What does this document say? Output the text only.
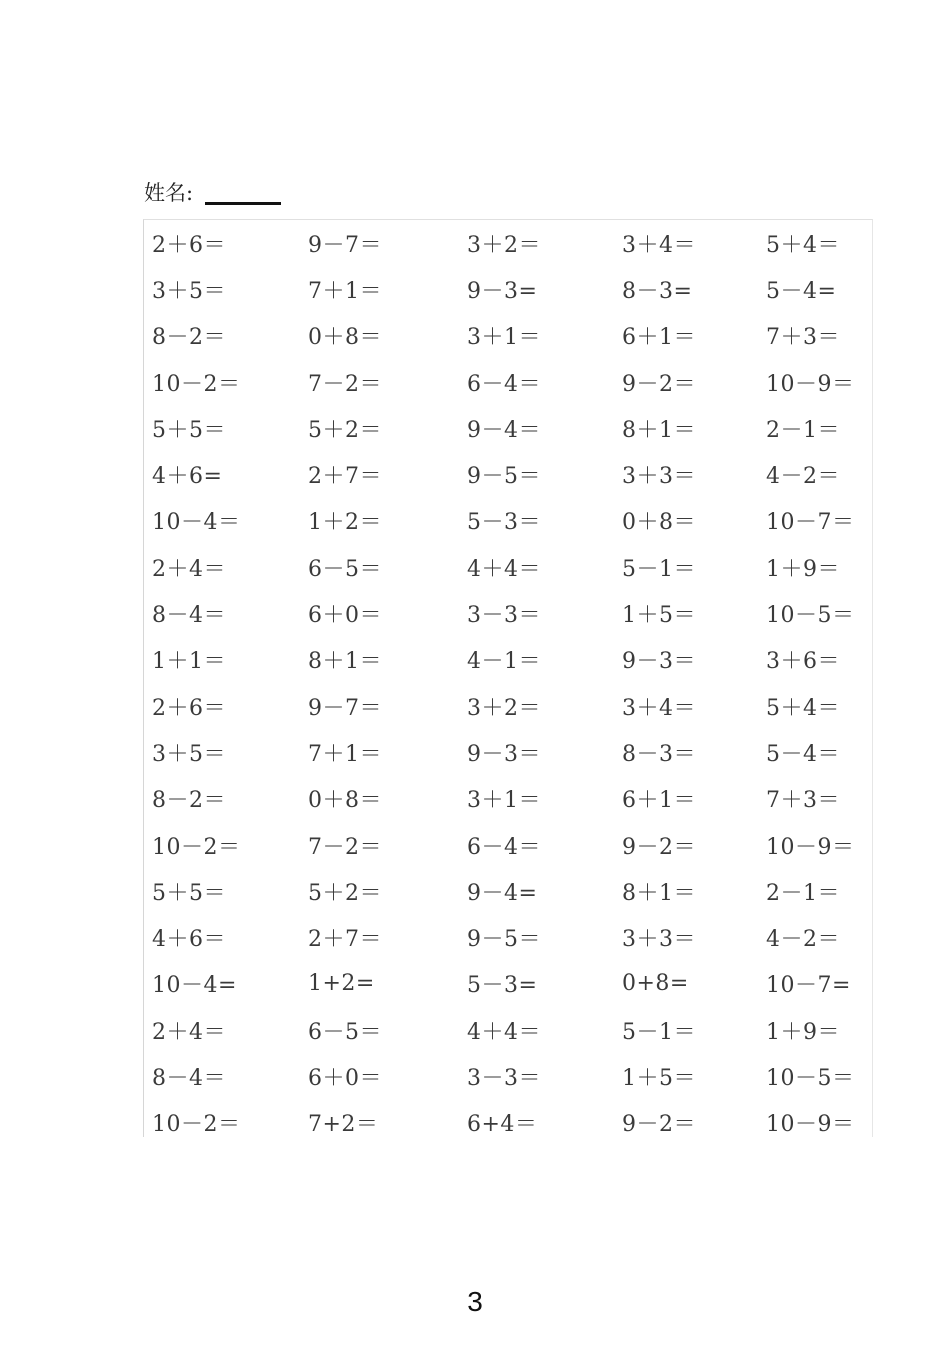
姓名:
2＋6＝	9－7＝	3＋2＝	3＋4＝	5＋4＝
3＋5＝	7＋1＝	9－3=	8－3=	5－4=
8－2＝	0＋8＝	3＋1＝	6＋1＝	7＋3＝
10－2＝	7－2＝	6－4＝	9－2＝	10－9＝
5＋5＝	5＋2＝	9－4＝	8＋1＝	2－1＝
4＋6=	2＋7＝	9－5＝	3＋3＝	4－2＝
10－4＝	1＋2＝	5－3＝	0＋8＝	10－7＝
2＋4＝	6－5＝	4＋4＝	5－1＝	1＋9＝
8－4＝	6＋0＝	3－3＝	1＋5＝	10－5＝
1＋1＝	8＋1＝	4－1＝	9－3＝	3＋6＝
2＋6＝	9－7＝	3＋2＝	3＋4＝	5＋4＝
3＋5＝	7＋1＝	9－3＝	8－3＝	5－4＝
8－2＝	0＋8＝	3＋1＝	6＋1＝	7＋3＝
10－2＝	7－2＝	6－4＝	9－2＝	10－9＝
5＋5＝	5＋2＝	9－4=	8＋1＝	2－1＝
4＋6＝	2＋7＝	9－5＝	3＋3＝	4－2＝
10－4=	1+2=	5－3=	0+8=	10－7=
2＋4＝	6－5＝	4＋4＝	5－1＝	1＋9＝
8－4＝	6＋0＝	3－3＝	1＋5＝	10－5＝
10－2＝	7+2＝	6+4＝	9－2＝	10－9＝
3
